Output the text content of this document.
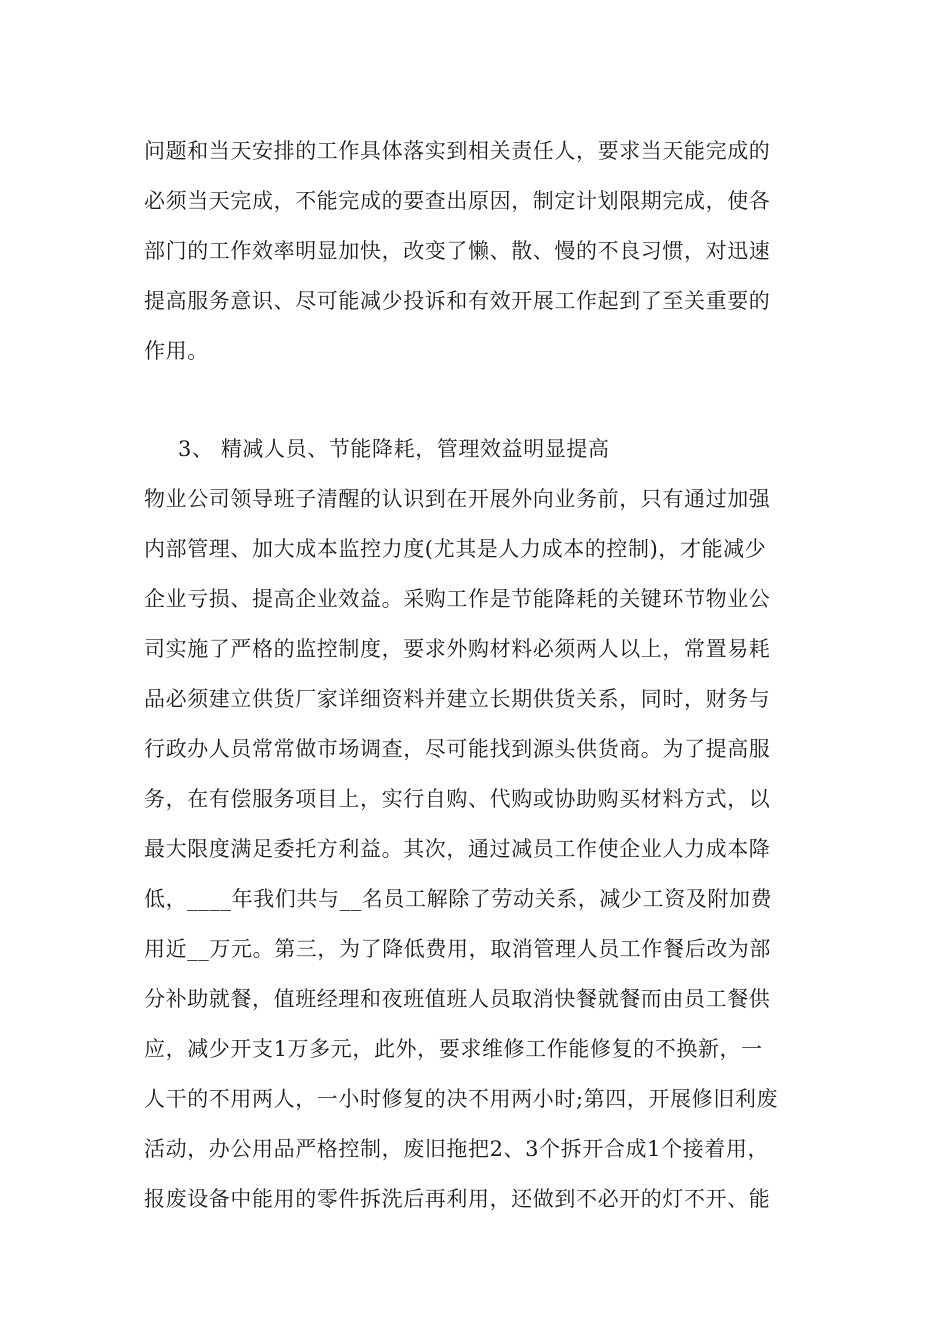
问题和当天安排的工作具体落实到相关责任人，要求当天能完成的
必须当天完成，不能完成的要查出原因，制定计划限期完成，使各
部门的工作效率明显加快，改变了懒、散、慢的不良习惯，对迅速
提高服务意识、尽可能减少投诉和有效开展工作起到了至关重要的
作用。
3、 精减人员、节能降耗，管理效益明显提高
物业公司领导班子清醒的认识到在开展外向业务前，只有通过加强
内部管理、加大成本监控力度(尤其是人力成本的控制)，才能减少
企业亏损、提高企业效益。采购工作是节能降耗的关键环节物业公
司实施了严格的监控制度，要求外购材料必须两人以上，常置易耗
品必须建立供货厂家详细资料并建立长期供货关系，同时，财务与
行政办人员常常做市场调查，尽可能找到源头供货商。为了提高服
务，在有偿服务项目上，实行自购、代购或协助购买材料方式，以
最大限度满足委托方利益。其次，通过减员工作使企业人力成本降
低，____年我们共与__名员工解除了劳动关系，减少工资及附加费
用近__万元。第三，为了降低费用，取消管理人员工作餐后改为部
分补助就餐，值班经理和夜班值班人员取消快餐就餐而由员工餐供
应，减少开支1万多元，此外，要求维修工作能修复的不换新，一
人干的不用两人，一小时修复的决不用两小时;第四，开展修旧利废
活动，办公用品严格控制，废旧拖把2、3个拆开合成1个接着用，
报废设备中能用的零件拆洗后再利用，还做到不必开的灯不开、能
